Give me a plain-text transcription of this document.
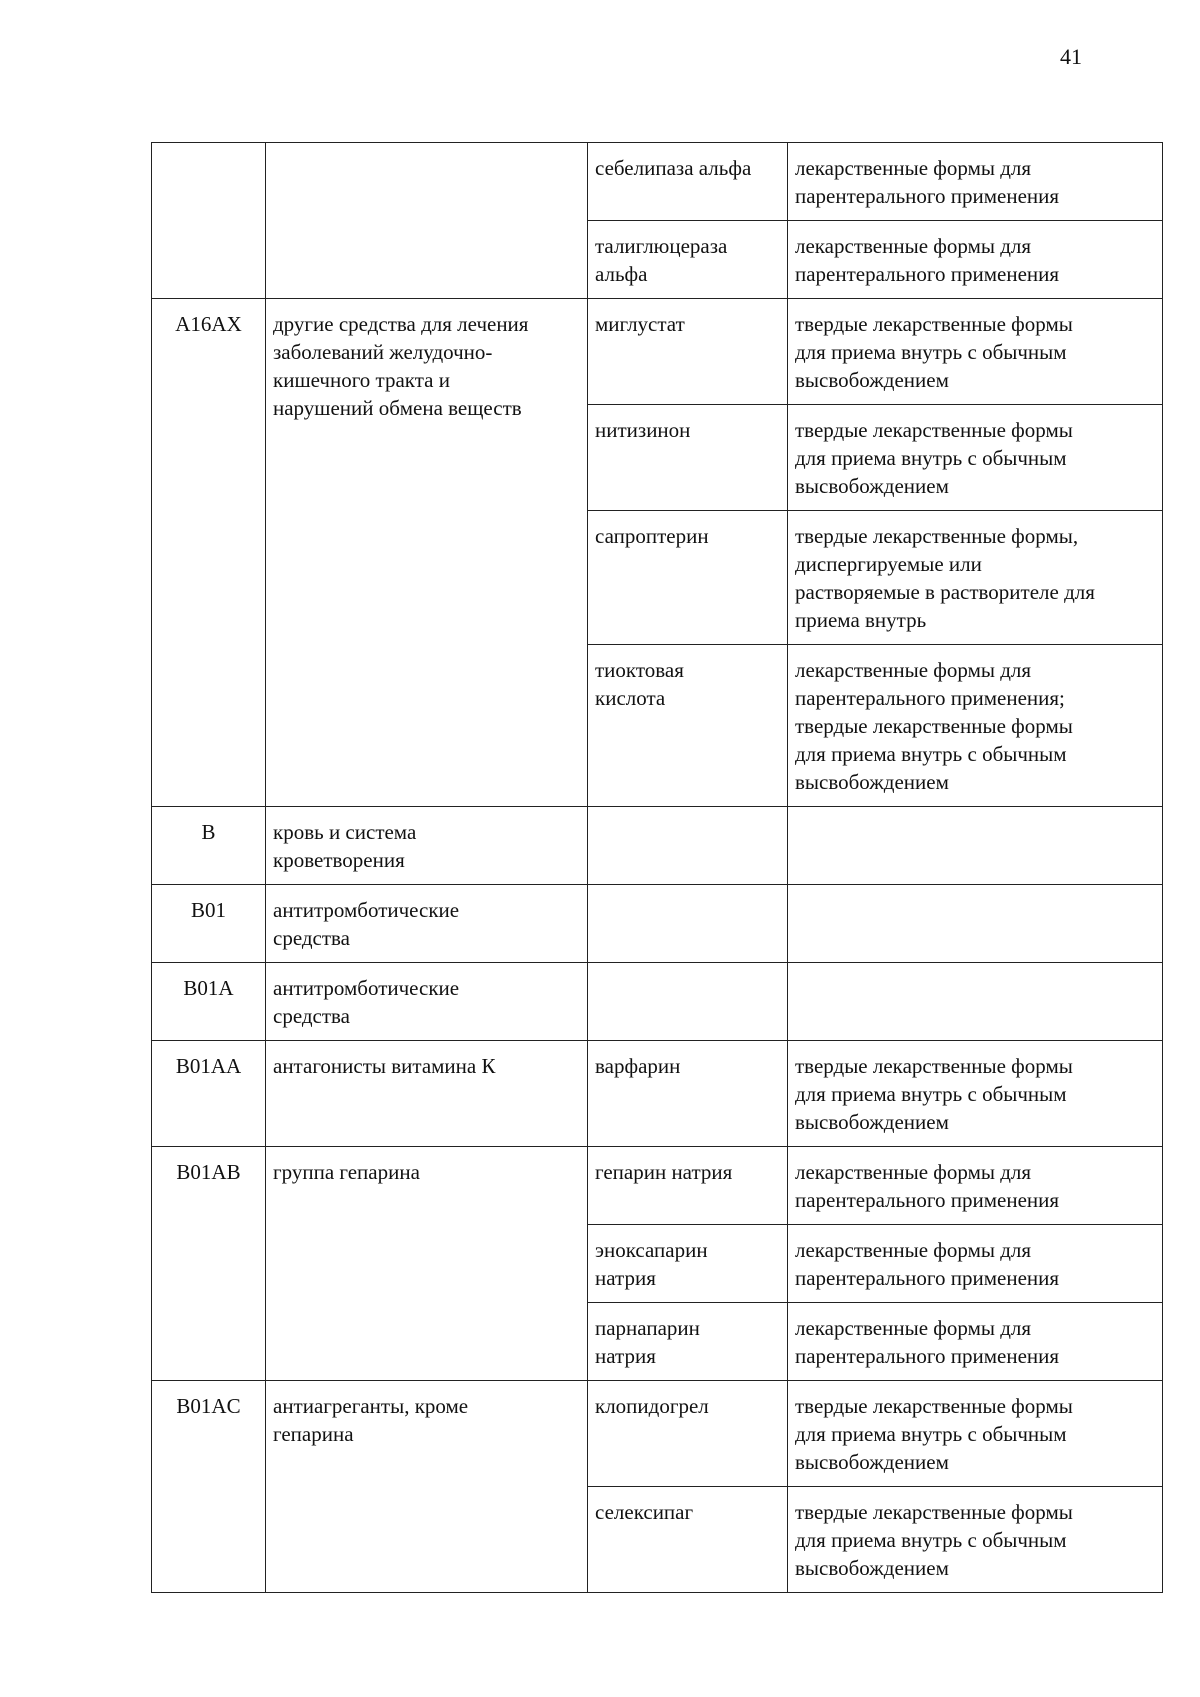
41
		себелипаза альфа	лекарственные формы для
парентерального применения
		талиглюцераза
альфа	лекарственные формы для
парентерального применения
A16AX	другие средства для лечения
заболеваний желудочно-
кишечного тракта и
нарушений обмена веществ	миглустат	твердые лекарственные формы
для приема внутрь с обычным
высвобождением
		нитизинон	твердые лекарственные формы
для приема внутрь с обычным
высвобождением
		сапроптерин	твердые лекарственные формы,
диспергируемые или
растворяемые в растворителе для
приема внутрь
		тиоктовая
кислота	лекарственные формы для
парентерального применения;
твердые лекарственные формы
для приема внутрь с обычным
высвобождением
B	кровь и система
кроветворения		
B01	антитромботические
средства		
B01A	антитромботические
средства		
B01AA	антагонисты витамина К	варфарин	твердые лекарственные формы
для приема внутрь с обычным
высвобождением
B01AB	группа гепарина	гепарин натрия	лекарственные формы для
парентерального применения
		эноксапарин
натрия	лекарственные формы для
парентерального применения
		парнапарин
натрия	лекарственные формы для
парентерального применения
B01AC	антиагреганты, кроме
гепарина	клопидогрел	твердые лекарственные формы
для приема внутрь с обычным
высвобождением
		селексипаг	твердые лекарственные формы
для приема внутрь с обычным
высвобождением
